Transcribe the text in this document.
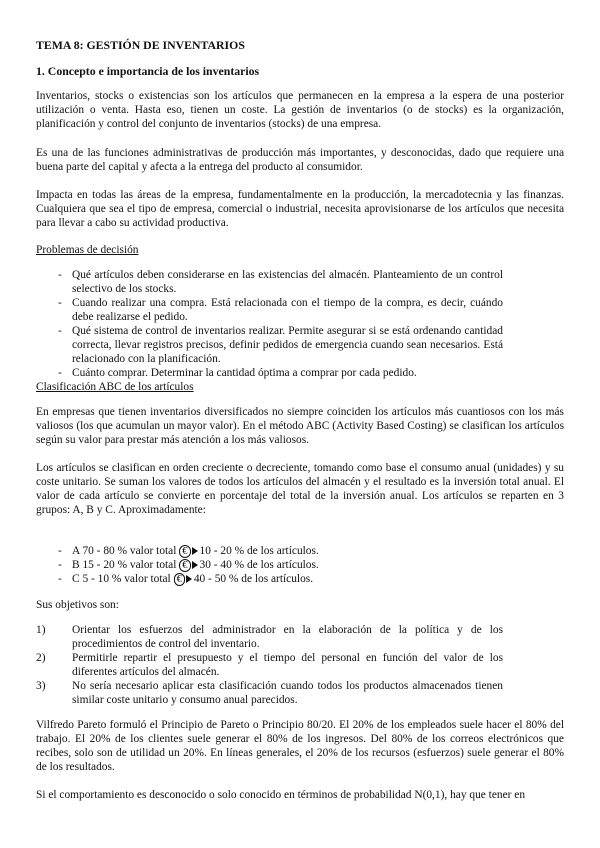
TEMA 8: GESTIÓN DE INVENTARIOS

1. Concepto e importancia de los inventarios

Inventarios, stocks o existencias son los artículos que permanecen en la empresa a la espera de una posterior utilización o venta. Hasta eso, tienen un coste. La gestión de inventarios (o de stocks) es la organización, planificación y control del conjunto de inventarios (stocks) de una empresa.

Es una de las funciones administrativas de producción más importantes, y desconocidas, dado que requiere una buena parte del capital y afecta a la entrega del producto al consumidor.

Impacta en todas las áreas de la empresa, fundamentalmente en la producción, la mercadotecnia y las finanzas. Cualquiera que sea el tipo de empresa, comercial o industrial, necesita aprovisionarse de los artículos que necesita para llevar a cabo su actividad productiva.

Problemas de decisión

- Qué artículos deben considerarse en las existencias del almacén. Planteamiento de un control selectivo de los stocks.
- Cuando realizar una compra. Está relacionada con el tiempo de la compra, es decir, cuándo debe realizarse el pedido.
- Qué sistema de control de inventarios realizar. Permite asegurar si se está ordenando cantidad correcta, llevar registros precisos, definir pedidos de emergencia cuando sean necesarios. Está relacionado con la planificación.
- Cuánto comprar. Determinar la cantidad óptima a comprar por cada pedido.

Clasificación ABC de los artículos

En empresas que tienen inventarios diversificados no siempre coinciden los artículos más cuantiosos con los más valiosos (los que acumulan un mayor valor). En el método ABC (Activity Based Costing) se clasifican los artículos según su valor para prestar más atención a los más valiosos.

Los artículos se clasifican en orden creciente o decreciente, tomando como base el consumo anual (unidades) y su coste unitario. Se suman los valores de todos los artículos del almacén y el resultado es la inversión total anual. El valor de cada artículo se convierte en porcentaje del total de la inversión anual. Los artículos se reparten en 3 grupos: A, B y C. Aproximadamente:

- A 70 - 80 % valor total € 10 - 20 % de los artículos.
- B 15 - 20 % valor total € 30 - 40 % de los artículos.
- C 5 - 10 % valor total € 40 - 50 % de los artículos.

Sus objetivos son:

1)	Orientar los esfuerzos del administrador en la elaboración de la política y de los procedimientos de control del inventario.
2)	Permitirle repartir el presupuesto y el tiempo del personal en función del valor de los diferentes artículos del almacén.
3)	No sería necesario aplicar esta clasificación cuando todos los productos almacenados tienen similar coste unitario y consumo anual parecidos.

Vilfredo Pareto formuló el Principio de Pareto o Principio 80/20. El 20% de los empleados suele hacer el 80% del trabajo. El 20% de los clientes suele generar el 80% de los ingresos. Del 80% de los correos electrónicos que recibes, solo son de utilidad un 20%. En líneas generales, el 20% de los recursos (esfuerzos) suele generar el 80% de los resultados.

Si el comportamiento es desconocido o solo conocido en términos de probabilidad N(0,1), hay que tener en
